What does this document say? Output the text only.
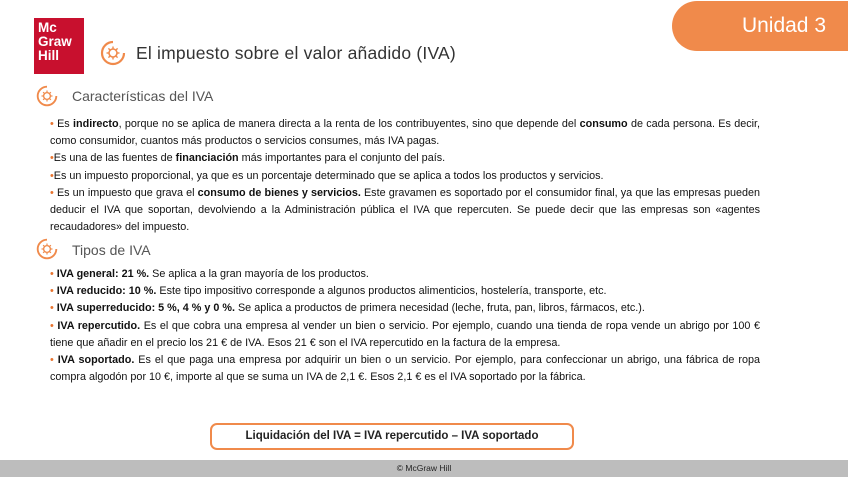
Mc
Graw
Hill
Unidad 3
El impuesto sobre el valor añadido (IVA)
Características del IVA

• Es indirecto, porque no se aplica de manera directa a la renta de los contribuyentes, sino que depende del consumo de cada persona. Es decir, como consumidor, cuantos más productos o servicios consumes, más IVA pagas.

•Es una de las fuentes de financiación más importantes para el conjunto del país.

•Es un impuesto proporcional, ya que es un porcentaje determinado que se aplica a todos los productos y servicios.

• Es un impuesto que grava el consumo de bienes y servicios. Este gravamen es soportado por el consumidor final, ya que las empresas pueden deducir el IVA que soportan, devolviendo a la Administración pública el IVA que repercuten. Se puede decir que las empresas son «agentes recaudadores» del impuesto.

Tipos de IVA

• IVA general: 21 %. Se aplica a la gran mayoría de los productos.

• IVA reducido: 10 %. Este tipo impositivo corresponde a algunos productos alimenticios, hostelería, transporte, etc.

• IVA superreducido: 5 %, 4 % y 0 %. Se aplica a productos de primera necesidad (leche, fruta, pan, libros, fármacos, etc.).

• IVA repercutido. Es el que cobra una empresa al vender un bien o servicio. Por ejemplo, cuando una tienda de ropa vende un abrigo por 100 € tiene que añadir en el precio los 21 € de IVA. Esos 21 € son el IVA repercutido en la factura de la empresa.

• IVA soportado. Es el que paga una empresa por adquirir un bien o un servicio. Por ejemplo, para confeccionar un abrigo, una fábrica de ropa compra algodón por 10 €, importe al que se suma un IVA de 2,1 €. Esos 2,1 € es el IVA soportado por la fábrica.

Liquidación del IVA = IVA repercutido – IVA soportado
© McGraw Hill
